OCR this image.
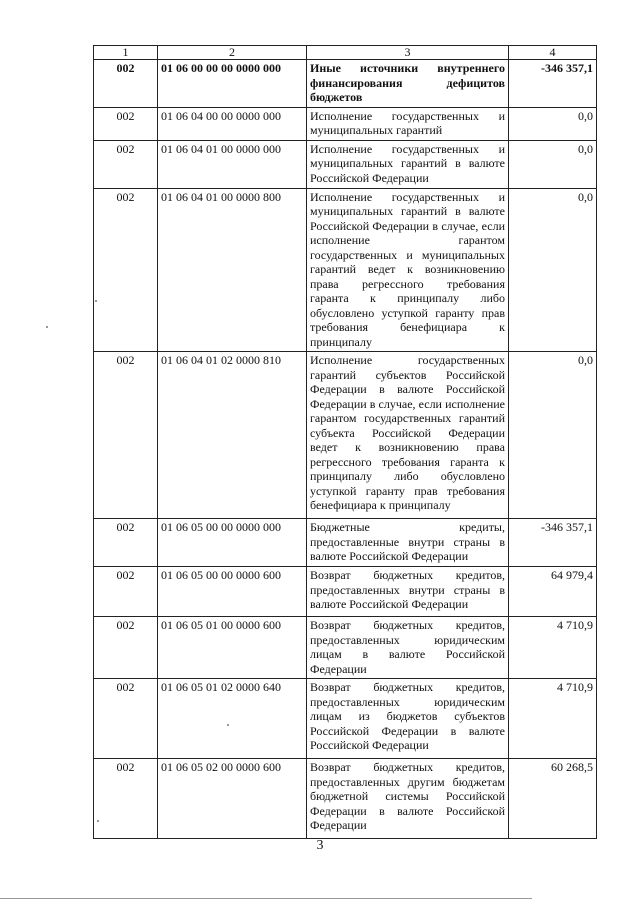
1	2	3	4
002	01 06 00 00 00 0000 000	Иные источники внутреннего финансирования дефицитов бюджетов	-346 357,1
002	01 06 04 00 00 0000 000	Исполнение государственных и муниципальных гарантий	0,0
002	01 06 04 01 00 0000 000	Исполнение государственных и муниципальных гарантий в валюте Российской Федерации	0,0
002	01 06 04 01 00 0000 800	Исполнение государственных и муниципальных гарантий в валюте Российской Федерации в случае, если исполнение гарантом государственных и муниципальных гарантий ведет к возникновению права регрессного требования гаранта к принципалу либо обусловлено уступкой гаранту прав требования бенефициара к принципалу	0,0
002	01 06 04 01 02 0000 810	Исполнение государственных гарантий субъектов Российской Федерации в валюте Российской Федерации в случае, если исполнение гарантом государственных гарантий субъекта Российской Федерации ведет к возникновению права регрессного требования гаранта к принципалу либо обусловлено уступкой гаранту прав требования бенефициара к принципалу	0,0
002	01 06 05 00 00 0000 000	Бюджетные кредиты, предоставленные внутри страны в валюте Российской Федерации	-346 357,1
002	01 06 05 00 00 0000 600	Возврат бюджетных кредитов, предоставленных внутри страны в валюте Российской Федерации	64 979,4
002	01 06 05 01 00 0000 600	Возврат бюджетных кредитов, предоставленных юридическим лицам в валюте Российской Федерации	4 710,9
002	01 06 05 01 02 0000 640	Возврат бюджетных кредитов, предоставленных юридическим лицам из бюджетов субъектов Российской Федерации в валюте Российской Федерации	4 710,9
002	01 06 05 02 00 0000 600	Возврат бюджетных кредитов, предоставленных другим бюджетам бюджетной системы Российской Федерации в валюте Российской Федерации	60 268,5
3
